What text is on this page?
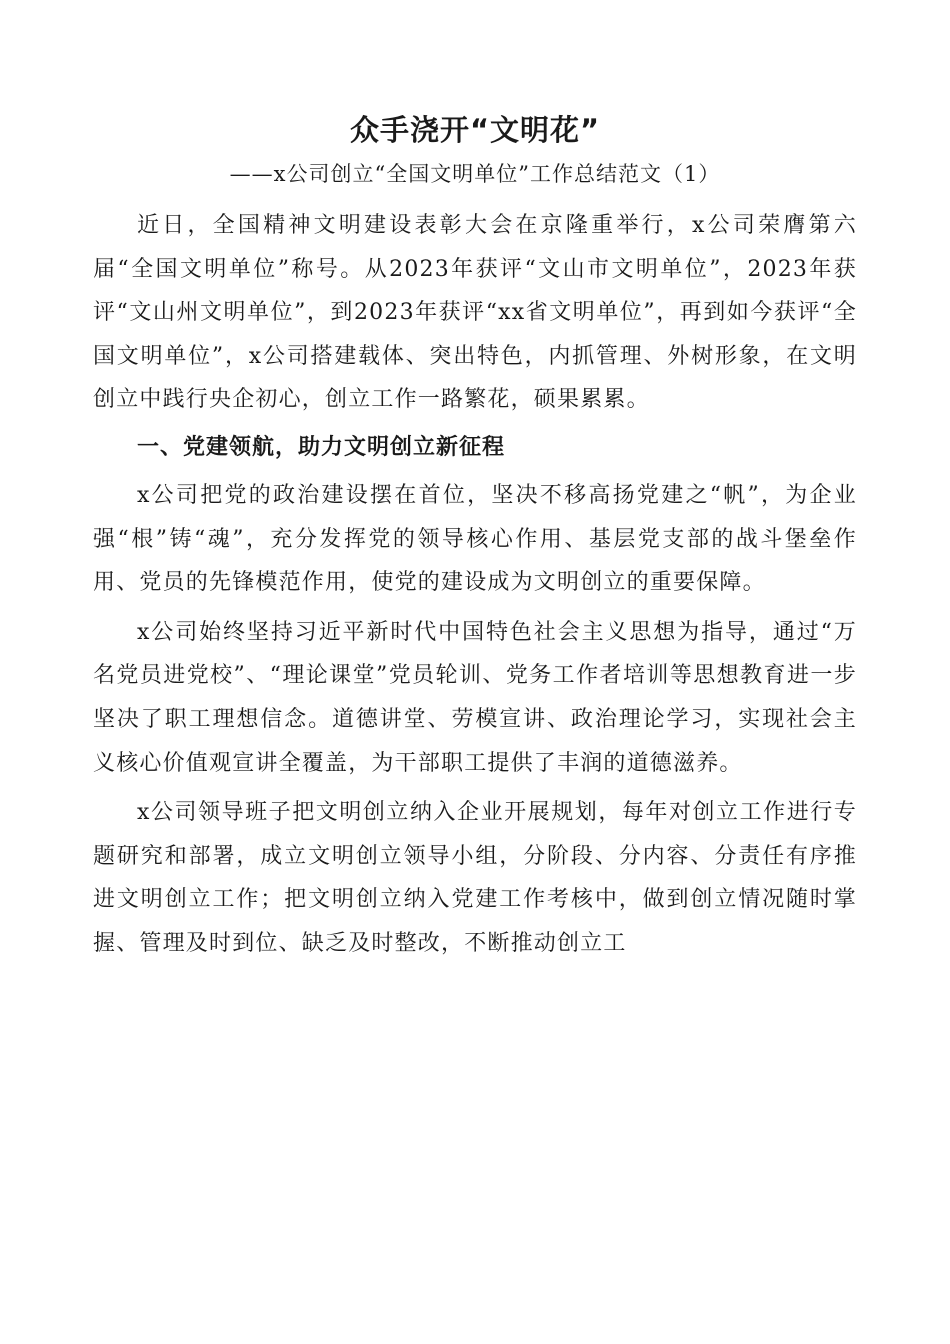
众手浇开“文明花”
——x公司创立“全国文明单位”工作总结范文（1）

近日，全国精神文明建设表彰大会在京隆重举行，x公司荣膺第六届“全国文明单位”称号。从2023年获评“文山市文明单位”，2023年获评“文山州文明单位”，到2023年获评“xx省文明单位”，再到如今获评“全国文明单位”，x公司搭建载体、突出特色，内抓管理、外树形象，在文明创立中践行央企初心，创立工作一路繁花，硕果累累。

一、党建领航，助力文明创立新征程

x公司把党的政治建设摆在首位，坚决不移高扬党建之“帆”，为企业强“根”铸“魂”，充分发挥党的领导核心作用、基层党支部的战斗堡垒作用、党员的先锋模范作用，使党的建设成为文明创立的重要保障。

x公司始终坚持习近平新时代中国特色社会主义思想为指导，通过“万名党员进党校”、“理论课堂”党员轮训、党务工作者培训等思想教育进一步坚决了职工理想信念。道德讲堂、劳模宣讲、政治理论学习，实现社会主义核心价值观宣讲全覆盖，为干部职工提供了丰润的道德滋养。

x公司领导班子把文明创立纳入企业开展规划，每年对创立工作进行专题研究和部署，成立文明创立领导小组，分阶段、分内容、分责任有序推进文明创立工作；把文明创立纳入党建工作考核中，做到创立情况随时掌握、管理及时到位、缺乏及时整改，不断推动创立工
